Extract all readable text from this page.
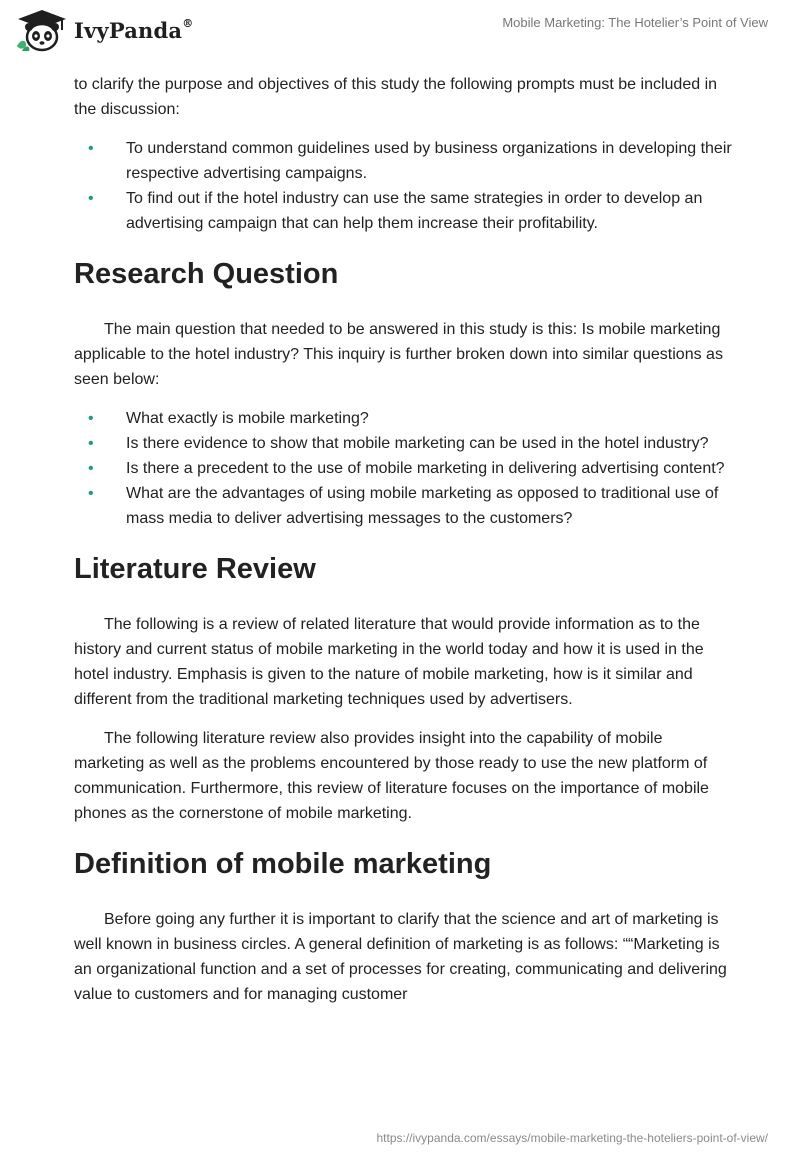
IvyPanda®	Mobile Marketing: The Hotelier’s Point of View

to clarify the purpose and objectives of this study the following prompts must be included in the discussion:

• To understand common guidelines used by business organizations in developing their respective advertising campaigns.
• To find out if the hotel industry can use the same strategies in order to develop an advertising campaign that can help them increase their profitability.
Research Question

The main question that needed to be answered in this study is this: Is mobile marketing applicable to the hotel industry? This inquiry is further broken down into similar questions as seen below:

• What exactly is mobile marketing?
• Is there evidence to show that mobile marketing can be used in the hotel industry?
• Is there a precedent to the use of mobile marketing in delivering advertising content?
• What are the advantages of using mobile marketing as opposed to traditional use of mass media to deliver advertising messages to the customers?
Literature Review

The following is a review of related literature that would provide information as to the history and current status of mobile marketing in the world today and how it is used in the hotel industry. Emphasis is given to the nature of mobile marketing, how is it similar and different from the traditional marketing techniques used by advertisers.

The following literature review also provides insight into the capability of mobile marketing as well as the problems encountered by those ready to use the new platform of communication. Furthermore, this review of literature focuses on the importance of mobile phones as the cornerstone of mobile marketing.

Definition of mobile marketing

Before going any further it is important to clarify that the science and art of marketing is well known in business circles. A general definition of marketing is as follows: ““Marketing is an organizational function and a set of processes for creating, communicating and delivering value to customers and for managing customer

https://ivypanda.com/essays/mobile-marketing-the-hoteliers-point-of-view/
